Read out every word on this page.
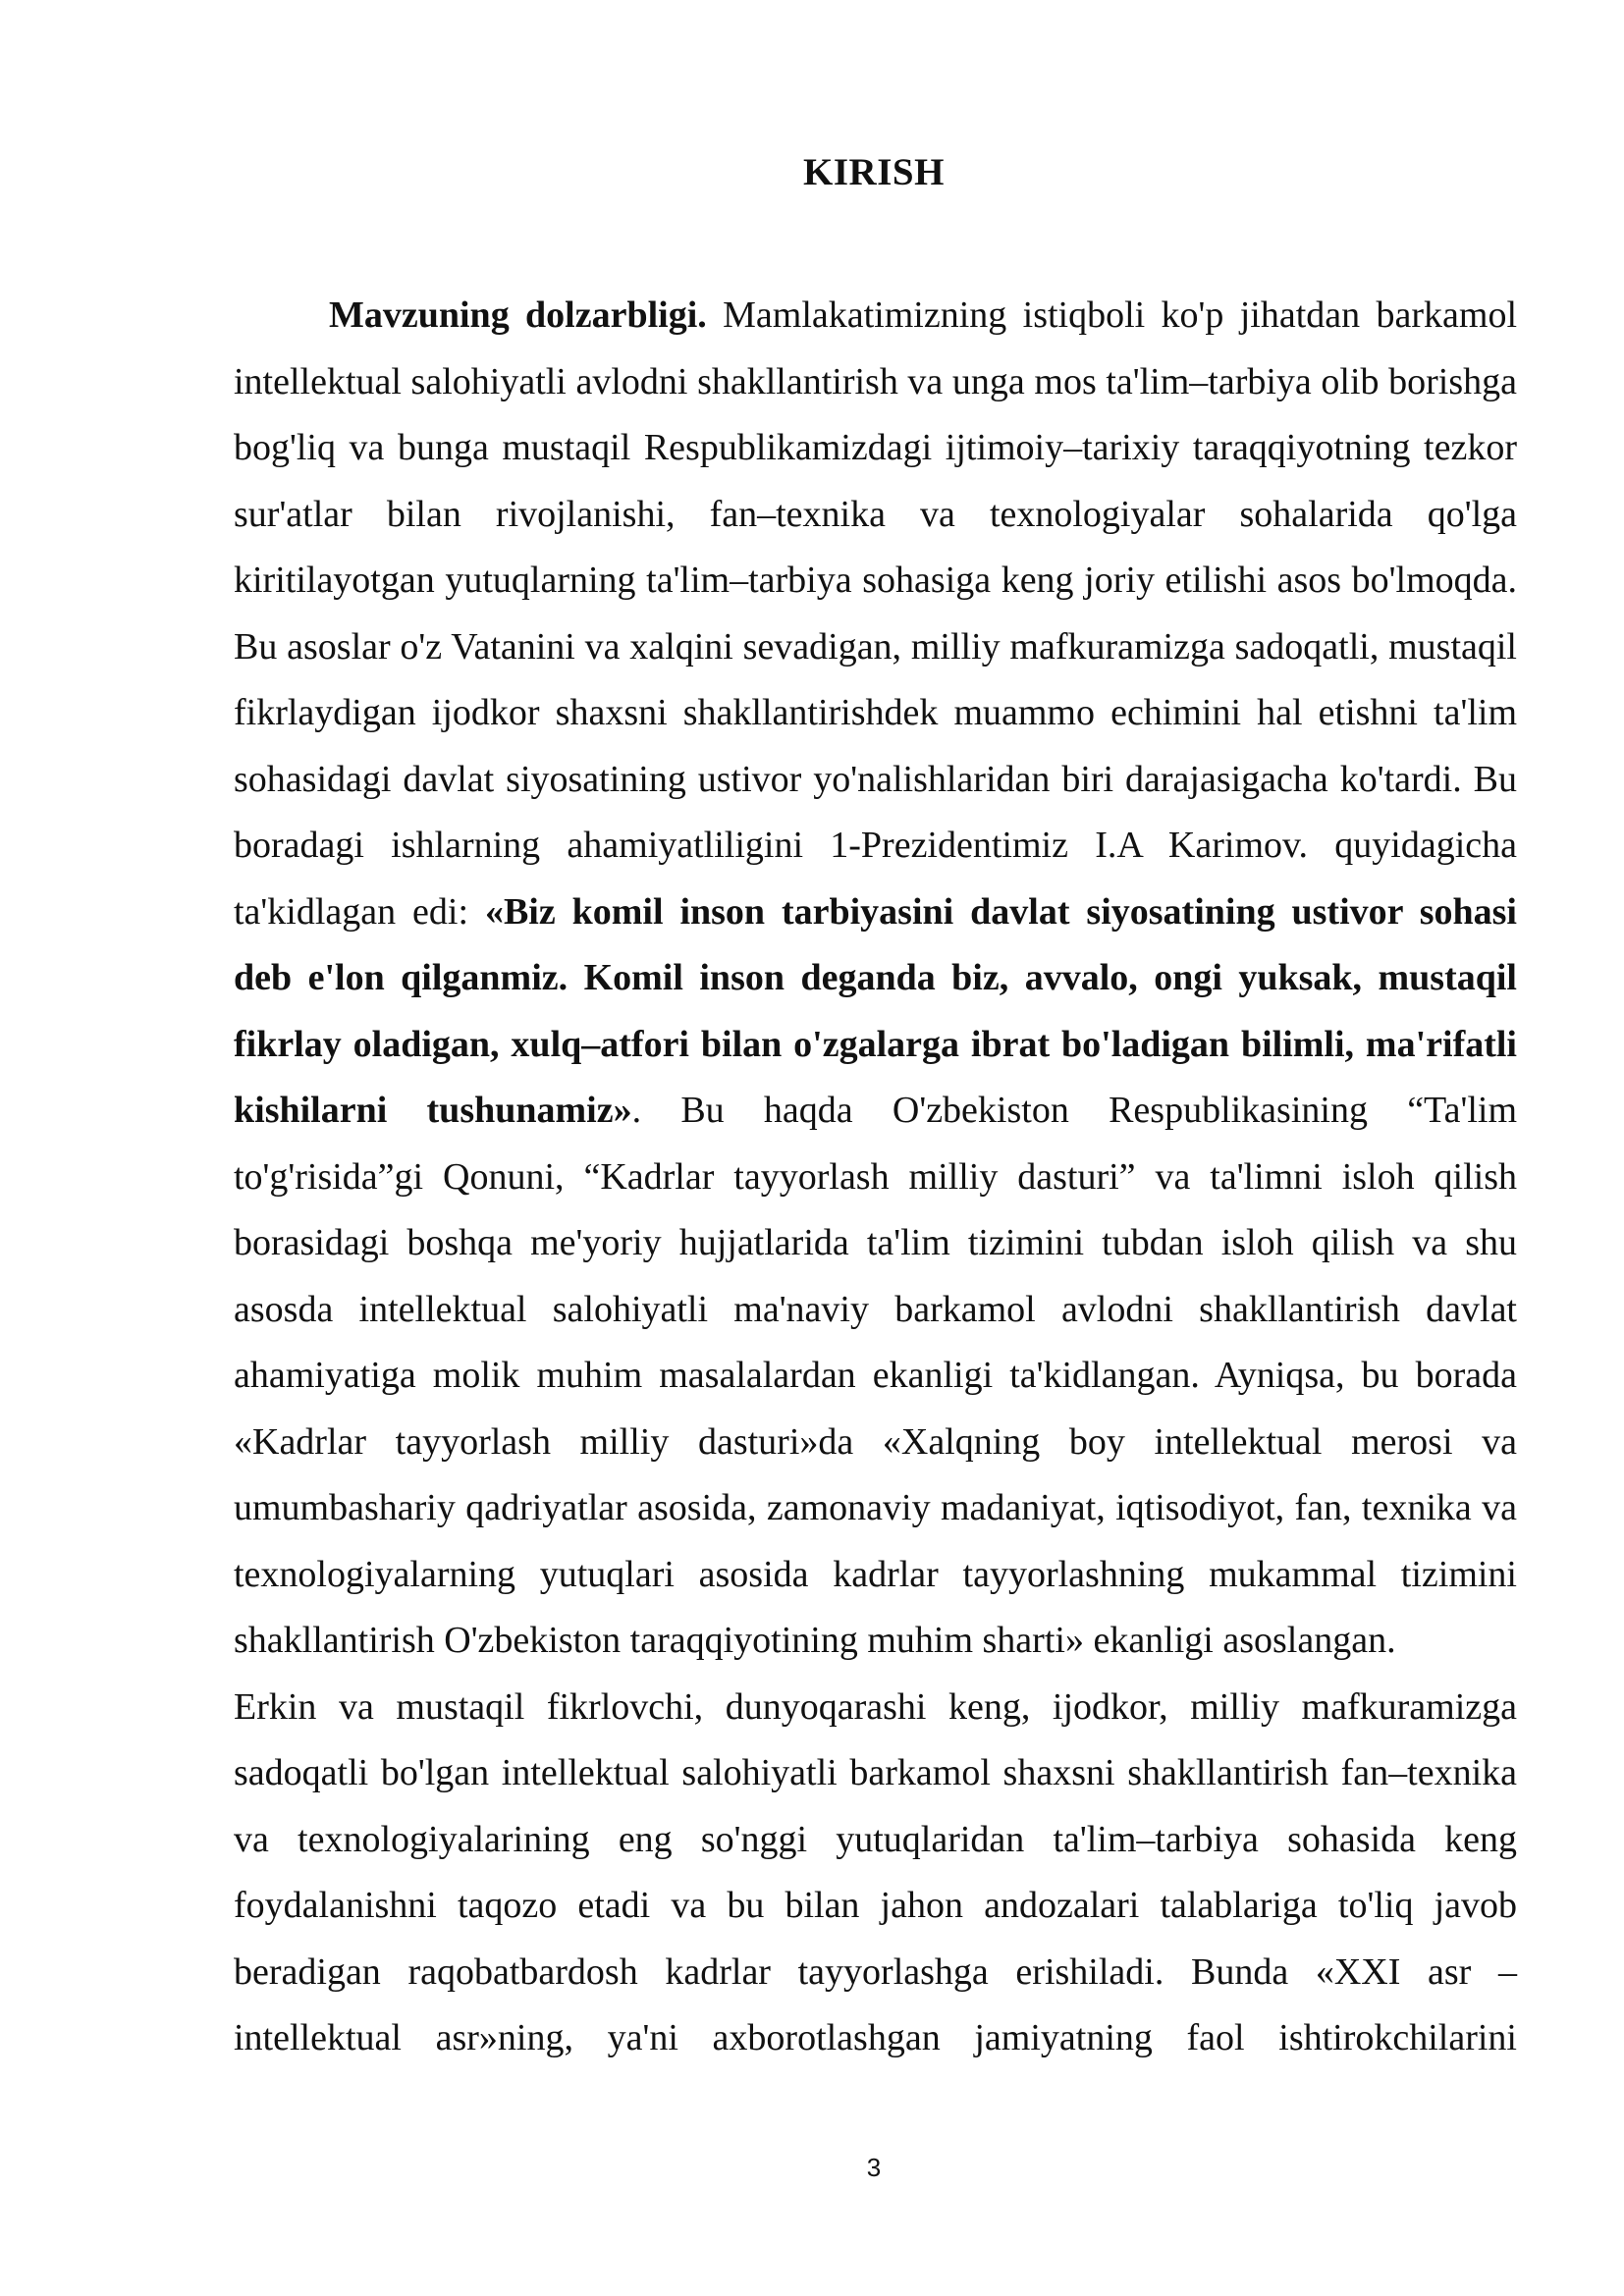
KIRISH

Mavzuning dolzarbligi. Mamlakatimizning istiqboli ko'p jihatdan barkamol intellektual salohiyatli avlodni shakllantirish va unga mos ta'lim–tarbiya olib borishga bog'liq va bunga mustaqil Respublikamizdagi ijtimoiy–tarixiy taraqqiyotning tezkor sur'atlar bilan rivojlanishi, fan–texnika va texnologiyalar sohalarida qo'lga kiritilayotgan yutuqlarning ta'lim–tarbiya sohasiga keng joriy etilishi asos bo'lmoqda. Bu asoslar o'z Vatanini va xalqini sevadigan, milliy mafkuramizga sadoqatli, mustaqil fikrlaydigan ijodkor shaxsni shakllantirishdek muammo echimini hal etishni ta'lim sohasidagi davlat siyosatining ustivor yo'nalishlaridan biri darajasigacha ko'tardi. Bu boradagi ishlarning ahamiyatliligini 1-Prezidentimiz I.A Karimov. quyidagicha ta'kidlagan edi: «Biz komil inson tarbiyasini davlat siyosatining ustivor sohasi deb e'lon qilganmiz. Komil inson deganda biz, avvalo, ongi yuksak, mustaqil fikrlay oladigan, xulq–atfori bilan o'zgalarga ibrat bo'ladigan bilimli, ma'rifatli kishilarni tushunamiz». Bu haqda O'zbekiston Respublikasining “Ta'lim to'g'risida”gi Qonuni, “Kadrlar tayyorlash milliy dasturi” va ta'limni isloh qilish borasidagi boshqa me'yoriy hujjatlarida ta'lim tizimini tubdan isloh qilish va shu asosda intellektual salohiyatli ma'naviy barkamol avlodni shakllantirish davlat ahamiyatiga molik muhim masalalardan ekanligi ta'kidlangan. Ayniqsa, bu borada «Kadrlar tayyorlash milliy dasturi»da «Xalqning boy intellektual merosi va umumbashariy qadriyatlar asosida, zamonaviy madaniyat, iqtisodiyot, fan, texnika va texnologiyalarning yutuqlari asosida kadrlar tayyorlashning mukammal tizimini shakllantirish O'zbekiston taraqqiyotining muhim sharti» ekanligi asoslangan.

Erkin va mustaqil fikrlovchi, dunyoqarashi keng, ijodkor, milliy mafkuramizga sadoqatli bo'lgan intellektual salohiyatli barkamol shaxsni shakllantirish fan–texnika va texnologiyalarining eng so'nggi yutuqlaridan ta'lim–tarbiya sohasida keng foydalanishni taqozo etadi va bu bilan jahon andozalari talablariga to'liq javob beradigan raqobatbardosh kadrlar tayyorlashga erishiladi. Bunda «XXI asr – intellektual asr»ning, ya'ni axborotlashgan jamiyatning faol ishtirokchilarini

3
